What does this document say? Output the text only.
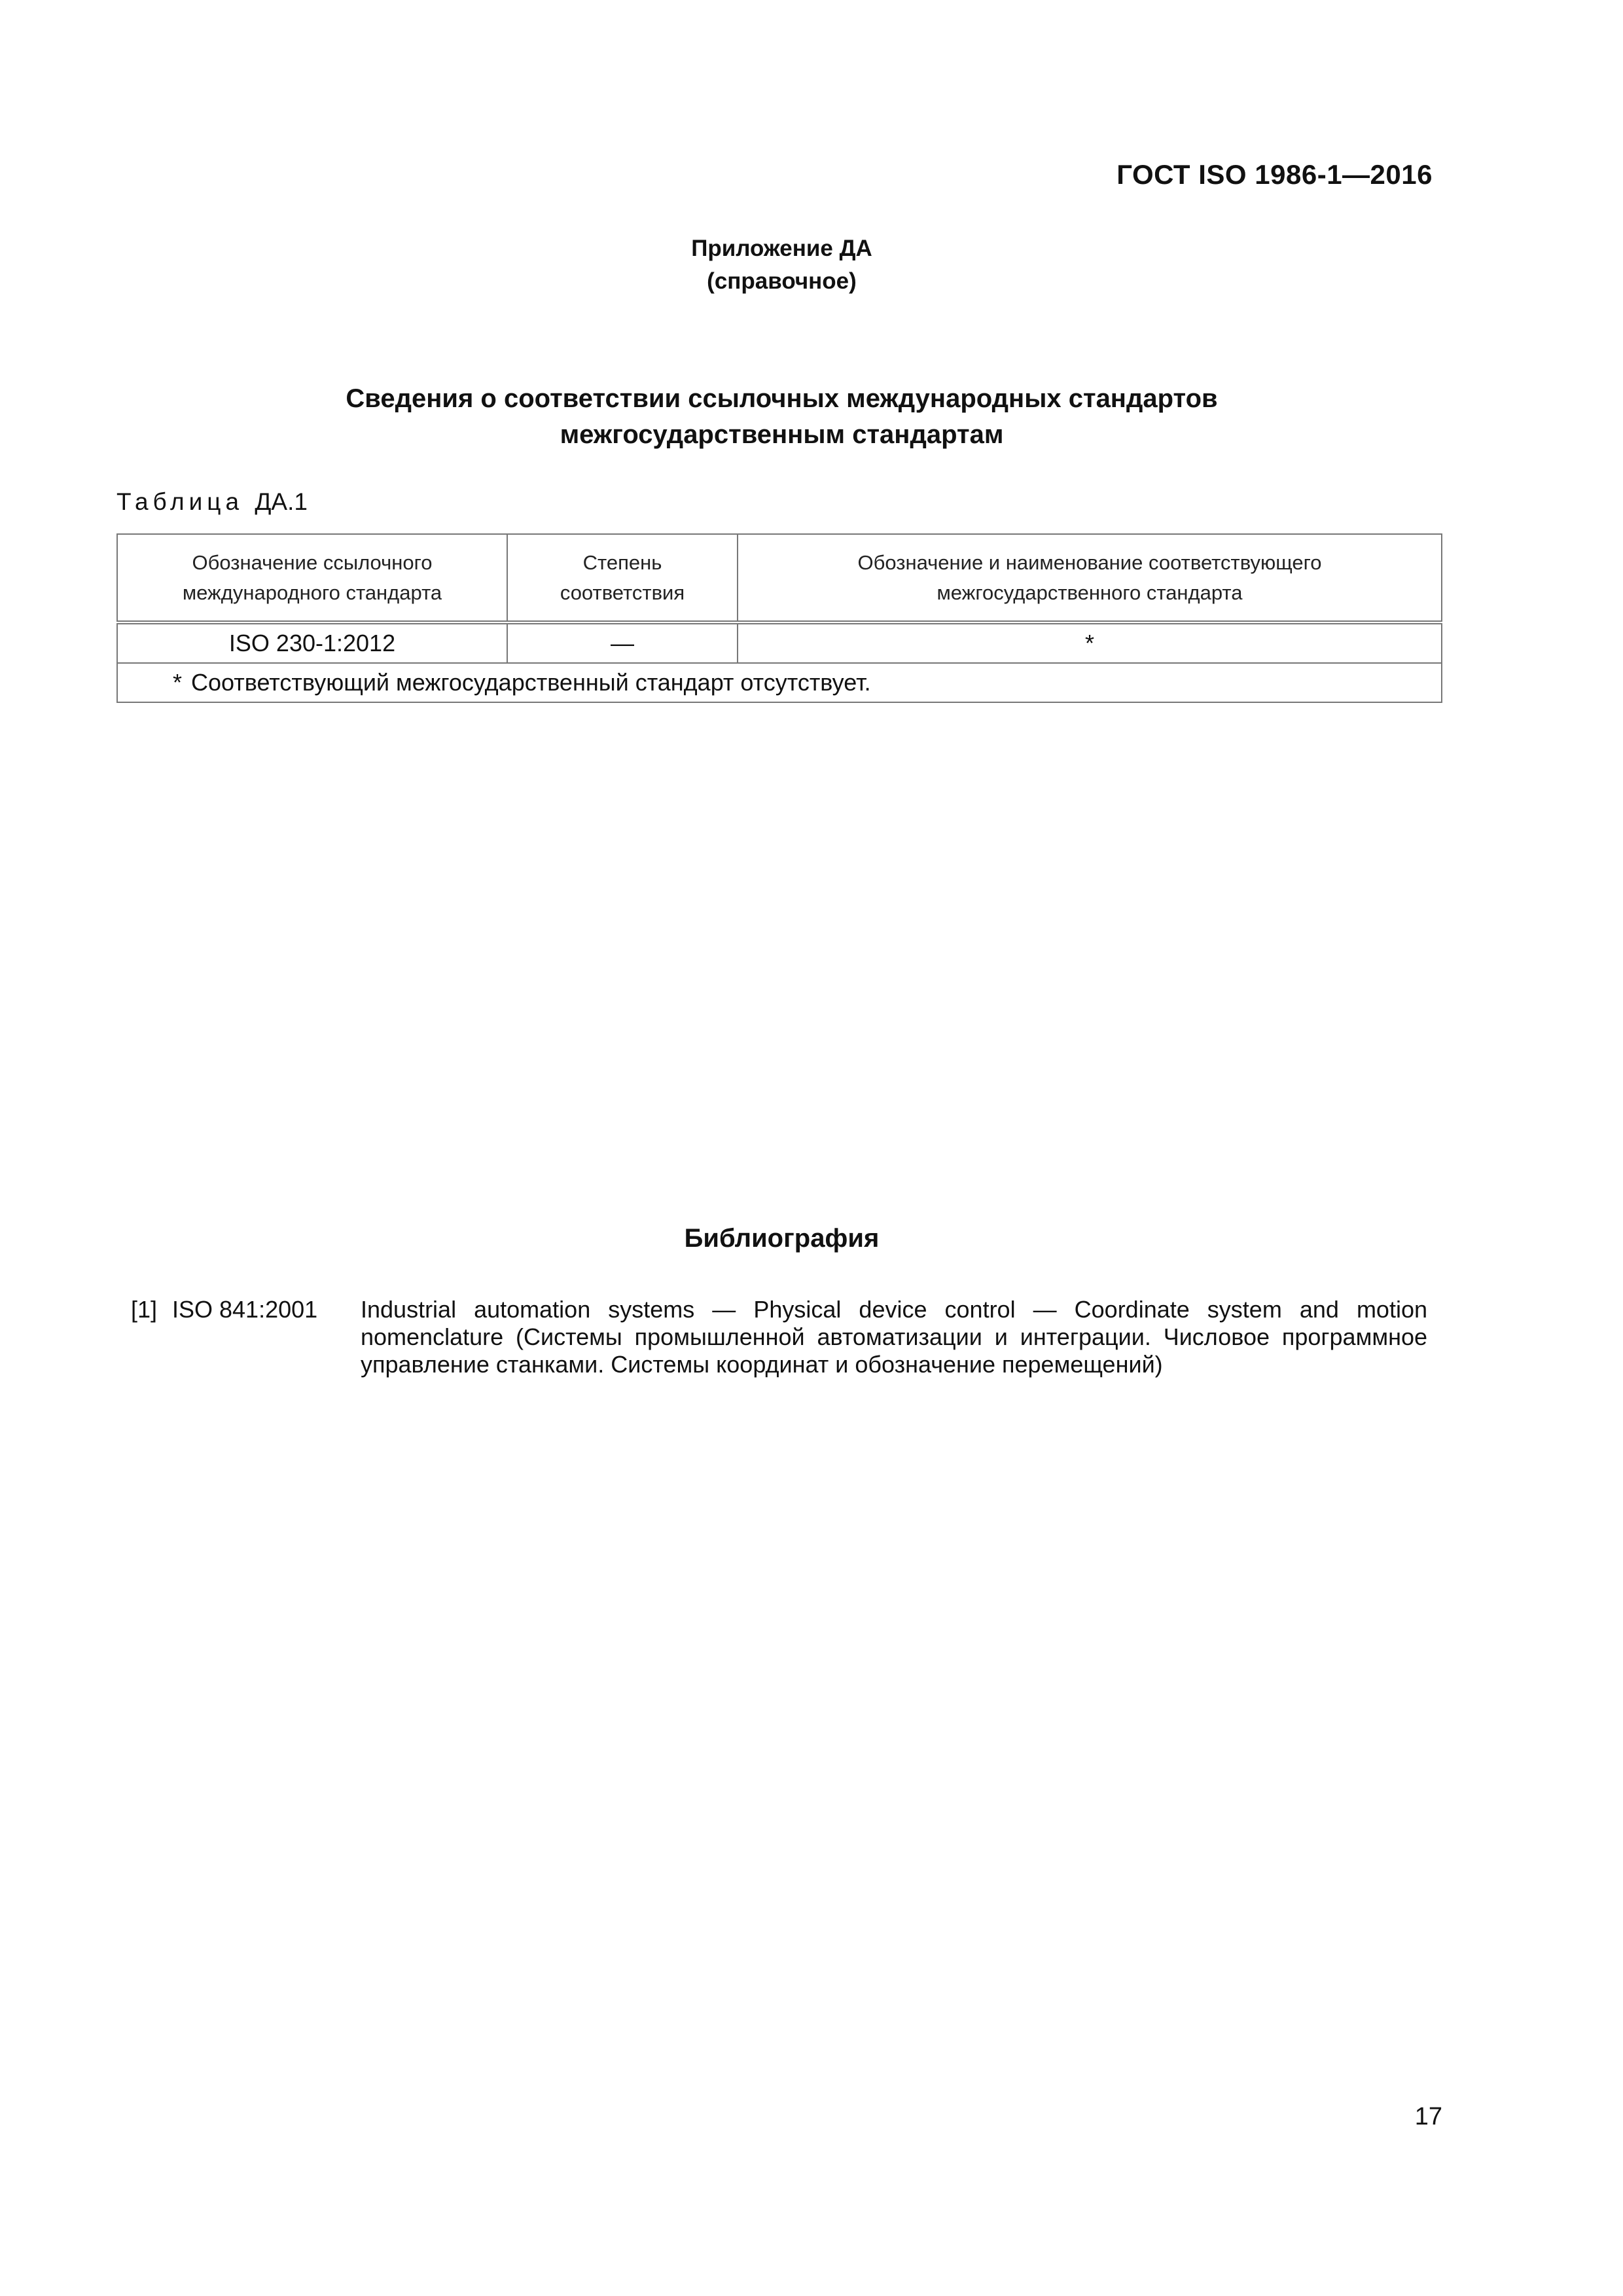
ГОСТ ISO 1986-1—2016
Приложение ДА
(справочное)
Сведения о соответствии ссылочных международных стандартов
межгосударственным стандартам
Таблица ДА.1
Обозначение ссылочного международного стандарта	Степень соответствия	Обозначение и наименование соответствующего межгосударственного стандарта
ISO 230-1:2012	—	*
* Соответствующий межгосударственный стандарт отсутствует.		
Библиография
[1] ISO 841:2001 Industrial automation systems — Physical device control — Coordinate system and motion nomenclature (Системы промышленной автоматизации и интеграции. Числовое программное управление станками. Системы координат и обозначение перемещений)
17
